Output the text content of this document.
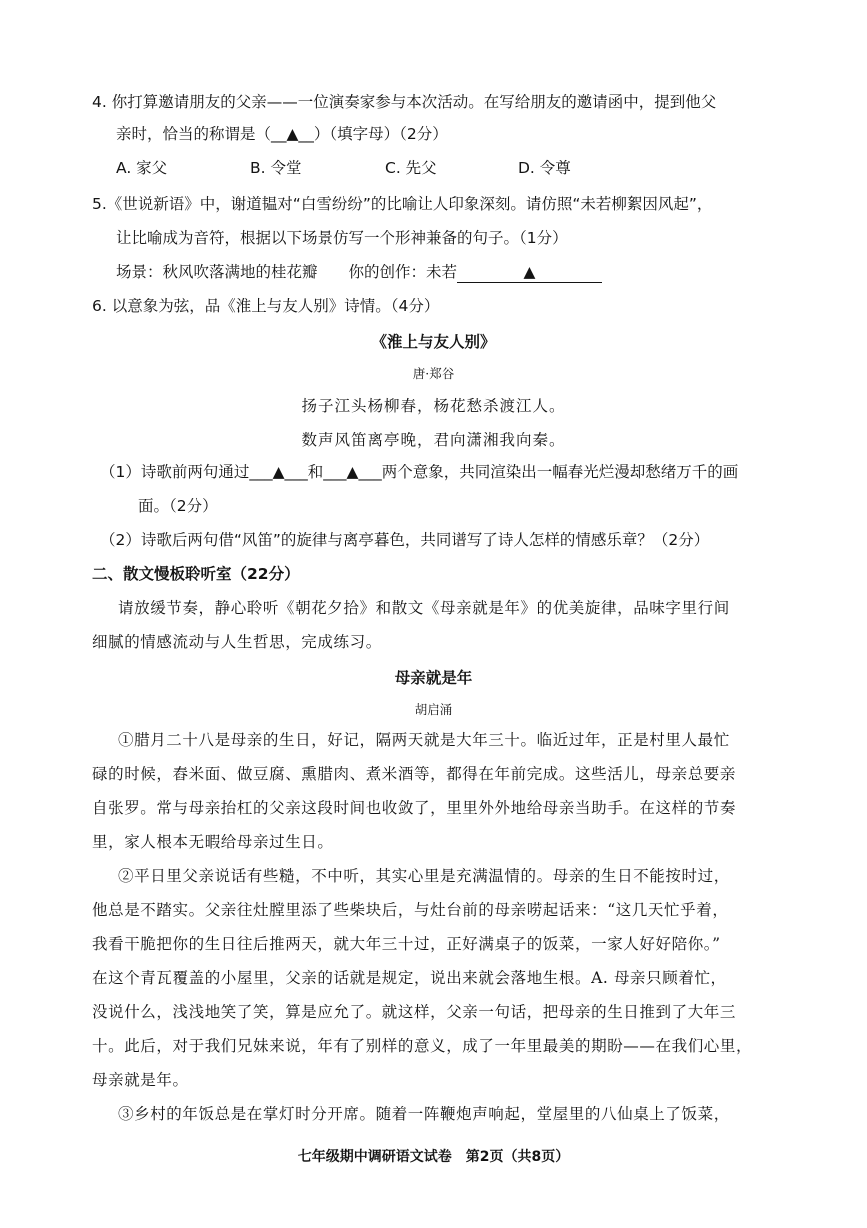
4. 你打算邀请朋友的父亲——一位演奏家参与本次活动。在写给朋友的邀请函中，提到他父
亲时，恰当的称谓是（__▲__）（填字母）（2分）
A. 家父	B. 令堂	C. 先父	D. 令尊
5.《世说新语》中，谢道韫对“白雪纷纷”的比喻让人印象深刻。请仿照“未若柳絮因风起”，
让比喻成为音符，根据以下场景仿写一个形神兼备的句子。（1分）
场景：秋风吹落满地的桂花瓣　　你的创作：未若	▲
6. 以意象为弦，品《淮上与友人别》诗情。（4分）
《淮上与友人别》
唐·郑谷
扬子江头杨柳春，杨花愁杀渡江人。
数声风笛离亭晚，君向潇湘我向秦。
（1）诗歌前两句通过___▲___和___▲___两个意象，共同渲染出一幅春光烂漫却愁绪万千的画
面。（2分）
（2）诗歌后两句借“风笛”的旋律与离亭暮色，共同谱写了诗人怎样的情感乐章？（2分）
二、散文慢板聆听室（22分）
请放缓节奏，静心聆听《朝花夕拾》和散文《母亲就是年》的优美旋律，品味字里行间
细腻的情感流动与人生哲思，完成练习。
母亲就是年
胡启涌
①腊月二十八是母亲的生日，好记，隔两天就是大年三十。临近过年，正是村里人最忙
碌的时候，舂米面、做豆腐、熏腊肉、煮米酒等，都得在年前完成。这些活儿，母亲总要亲
自张罗。常与母亲抬杠的父亲这段时间也收敛了，里里外外地给母亲当助手。在这样的节奏
里，家人根本无暇给母亲过生日。
②平日里父亲说话有些糙，不中听，其实心里是充满温情的。母亲的生日不能按时过，
他总是不踏实。父亲往灶膛里添了些柴块后，与灶台前的母亲唠起话来：“这几天忙乎着，
我看干脆把你的生日往后推两天，就大年三十过，正好满桌子的饭菜，一家人好好陪你。”
在这个青瓦覆盖的小屋里，父亲的话就是规定，说出来就会落地生根。A. 母亲只顾着忙，
没说什么，浅浅地笑了笑，算是应允了。就这样，父亲一句话，把母亲的生日推到了大年三
十。此后，对于我们兄妹来说，年有了别样的意义，成了一年里最美的期盼——在我们心里，
母亲就是年。
③乡村的年饭总是在掌灯时分开席。随着一阵鞭炮声响起，堂屋里的八仙桌上了饭菜，
七年级期中调研语文试卷　第2页（共8页）
